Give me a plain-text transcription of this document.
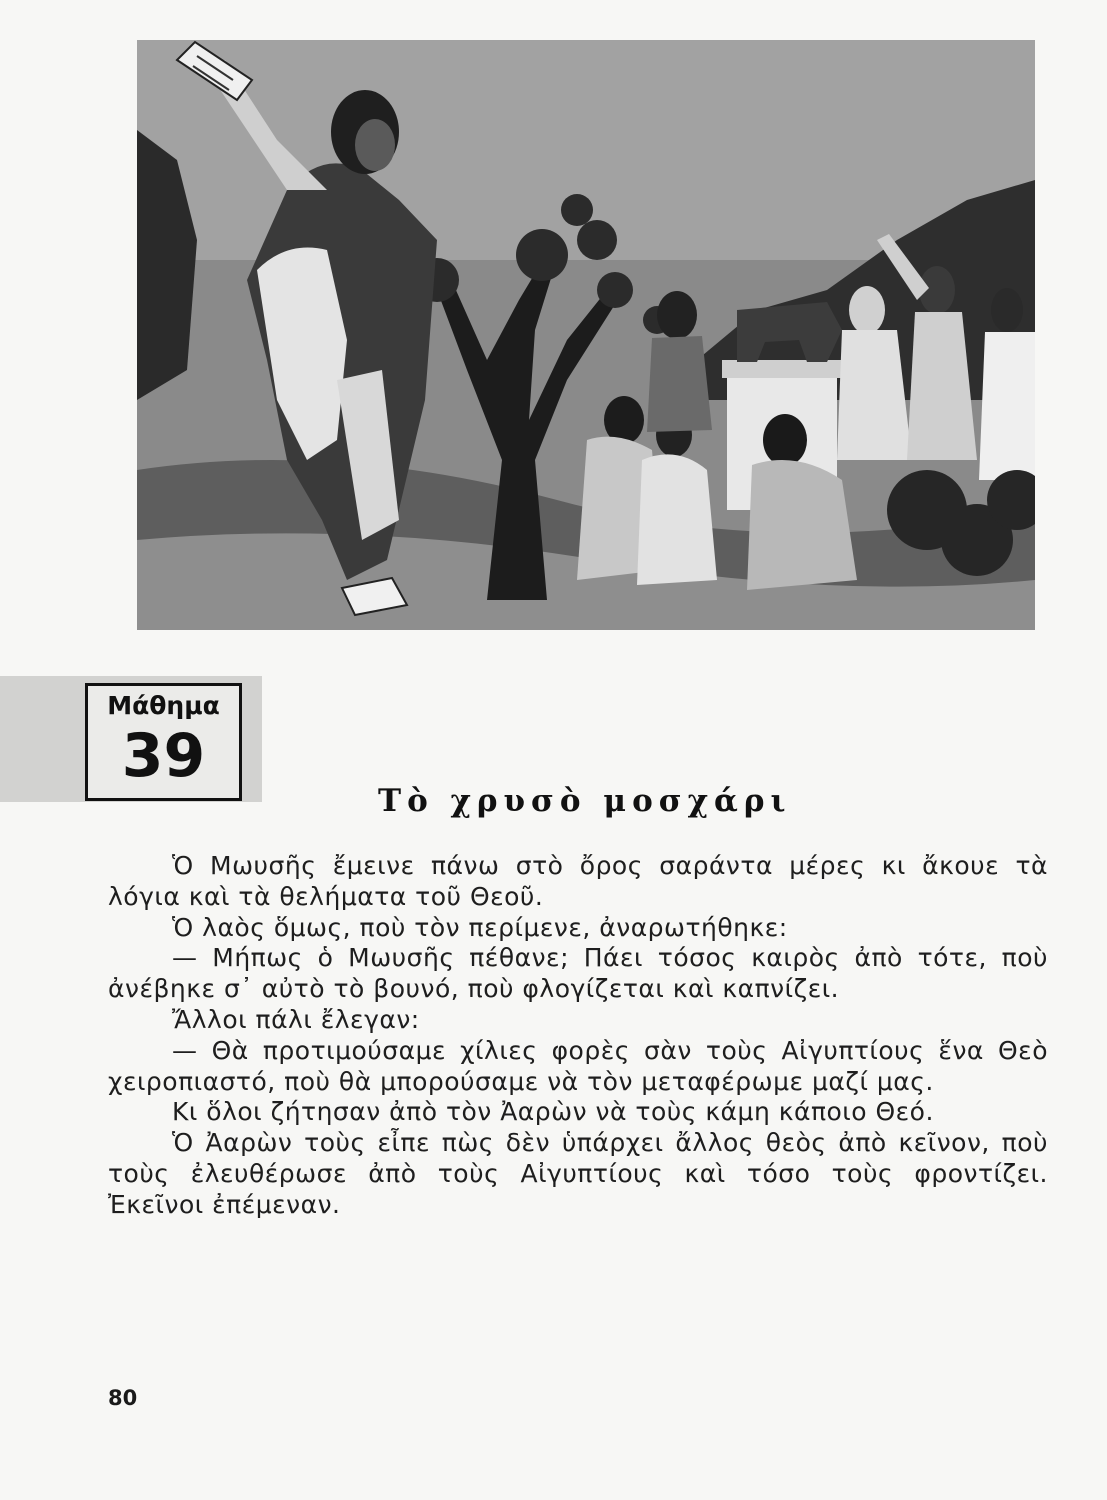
Μάθημα
39
Τὸ χρυσὸ μοσχάρι

Ὁ Μωυσῆς ἔμεινε πάνω στὸ ὄρος σαράντα μέρες κι ἄκουε τὰ λόγια καὶ τὰ θελήματα τοῦ Θεοῦ.

Ὁ λαὸς ὅμως, ποὺ τὸν περίμενε, ἀναρωτήθηκε:

— Μήπως ὁ Μωυσῆς πέθανε; Πάει τόσος καιρὸς ἀπὸ τότε, ποὺ ἀνέβηκε σ᾽ αὐτὸ τὸ βουνό, ποὺ φλογίζεται καὶ καπνίζει.

Ἄλλοι πάλι ἔλεγαν:

— Θὰ προτιμούσαμε χίλιες φορὲς σὰν τοὺς Αἰγυπτίους ἕνα Θεὸ χειροπιαστό, ποὺ θὰ μπορούσαμε νὰ τὸν μεταφέρωμε μαζί μας.

Κι ὅλοι ζήτησαν ἀπὸ τὸν Ἀαρὼν νὰ τοὺς κάμη κάποιο Θεό.

Ὁ Ἀαρὼν τοὺς εἶπε πὼς δὲν ὑπάρχει ἄλλος θεὸς ἀπὸ κεῖνον, ποὺ τοὺς ἐλευθέρωσε ἀπὸ τοὺς Αἰγυπτίους καὶ τόσο τοὺς φροντίζει. Ἐκεῖνοι ἐπέμεναν.

80
